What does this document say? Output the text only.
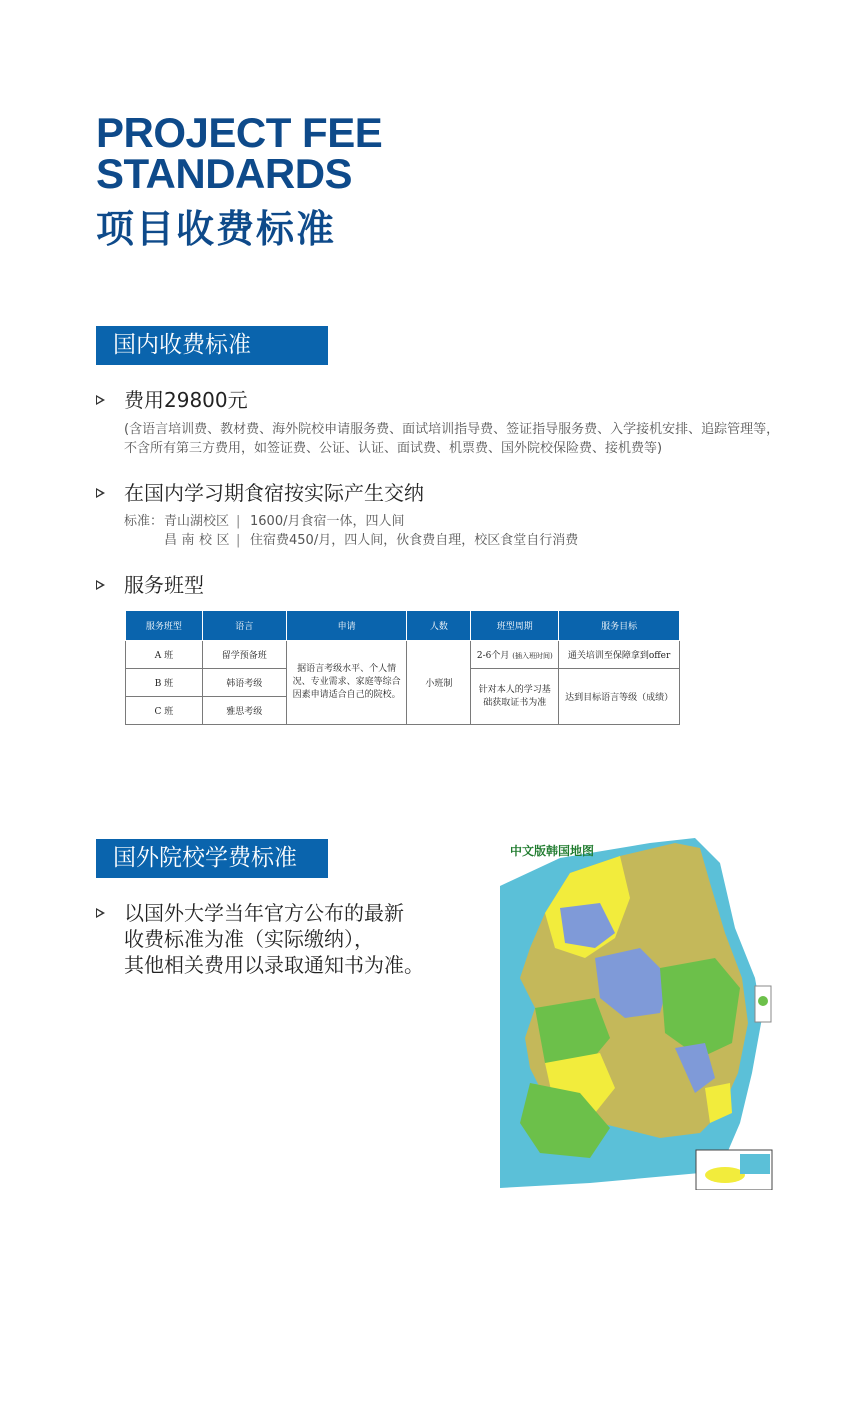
PROJECT FEE
STANDARDS
项目收费标准
国内收费标准
费用29800元
(含语言培训费、教材费、海外院校申请服务费、面试培训指导费、签证指导服务费、入学接机安排、追踪管理等，
不含所有第三方费用，如签证费、公证、认证、面试费、机票费、国外院校保险费、接机费等)
在国内学习期食宿按实际产生交纳
标准：青山湖校区 | 1600/月食宿一体，四人间
昌南校区 | 住宿费450/月，四人间，伙食费自理，校区食堂自行消费
服务班型
服务班型	语言	申请	人数	班型周期	服务目标
A 班	留学预备班	据语言考级水平、个人情况、专业需求、家庭等综合因素申请适合自己的院校。	小班制	2-6个月 (插入班时间)	通关培训至保障拿到offer
B 班	韩语考级			针对本人的学习基础获取证书为准	达到目标语言等级（成绩）
C 班	雅思考级				
国外院校学费标准
以国外大学当年官方公布的最新
收费标准为准（实际缴纳），
其他相关费用以录取通知书为准。
中文版韩国地图
